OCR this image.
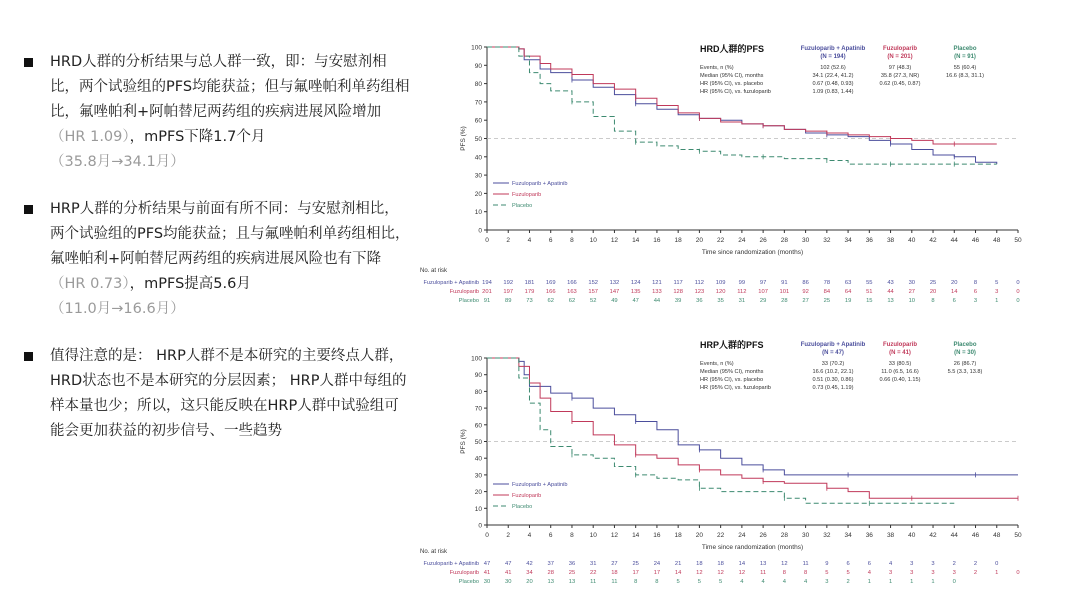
HRD人群的分析结果与总人群一致，即：与安慰剂相比，两个试验组的PFS均能获益；但与氟唑帕利单药组相比，氟唑帕利+阿帕替尼两药组的疾病进展风险增加（HR 1.09），mPFS下降1.7个月
（35.8月→34.1月）
HRP人群的分析结果与前面有所不同：与安慰剂相比，两个试验组的PFS均能获益；且与氟唑帕利单药组相比，氟唑帕利+阿帕替尼两药组的疾病进展风险也有下降（HR 0.73），mPFS提高5.6月
（11.0月→16.6月）
值得注意的是： HRP人群不是本研究的主要终点人群，HRD状态也不是本研究的分层因素； HRP人群中每组的样本量也少；所以，这只能反映在HRP人群中试验组可能会更加获益的初步信号、一些趋势
0
10
20
30
40
50
60
70
80
90
100
0	2	4	6	8 10 12 14 16 18 20 22 24 26 28 30 32 34 36 38 40 42 44 46 48 50
Time since randomization (months)
PFS (%)
HRD人群的PFS	Fuzuloparib + Apatinib
(N = 194)
Fuzuloparib
(N = 201)
Placebo
(N = 91)
Events, n (%)	102 (52.6)	97 (48.3)	55 (60.4)
Median (95% CI), months	34.1 (22.4, 41.2)	35.8 (27.3, NR)	16.6 (8.3, 31.1)
HR (95% CI), vs. placebo	0.67 (0.48, 0.93)	0.62 (0.45, 0.87)
HR (95% CI), vs. fuzuloparib	1.09 (0.83, 1.44)
Fuzuloparib + Apatinib
Fuzuloparib
Placebo
No. at risk
Fuzuloparib + Apatinib 194 192 181 169 166 152 132 124 121 117 112 109 99	97	91	86	78	63	55	43	30	25	20	8	5	0
Fuzuloparib 201 197 179 166 163 157 147 135 133 128 123 120 112 107 101 92	84	64	51	44	27	20	14	6	3	0
Placebo 91	89	73	62	62	52	49	47	44	39	36	35	31	29	28	27	25	19	15	13	10	8	6	3	1	0
0
10
20
30
40
50
60
70
80
90
100
0	2	4	6	8 10 12 14 16 18 20 22 24 26 28 30 32 34 36 38 40 42 44 46 48 50
Time since randomization (months)
PFS (%)
HRP人群的PFS	Fuzuloparib + Apatinib
(N = 47)
Fuzuloparib
(N = 41)
Placebo
(N = 30)
Events, n (%)	33 (70.2)	33 (80.5)	26 (86.7)
Median (95% CI), months	16.6 (10.2, 22.1)	11.0 (6.5, 16.6)	5.5 (3.3, 13.8)
HR (95% CI), vs. placebo	0.51 (0.30, 0.86)	0.66 (0.40, 1.15)
HR (95% CI), vs. fuzuloparib	0.73 (0.45, 1.19)
Fuzuloparib + Apatinib
Fuzuloparib
Placebo
No. at risk
Fuzuloparib + Apatinib 47	47	42	37	36	31	27	25	24	21	18	18	14	13	12	11	9	6	6	4	3	3	2	2	0
Fuzuloparib 41	41	34	28	25	22	18	17	17	14	12	12	12	11	8	8	5	5	4	3	3	3	3	2	1	0
Placebo 30	30	20	13	13	11	11	8	8	5	5	5	4	4	4	4	3	2	1	1	1	1	0
